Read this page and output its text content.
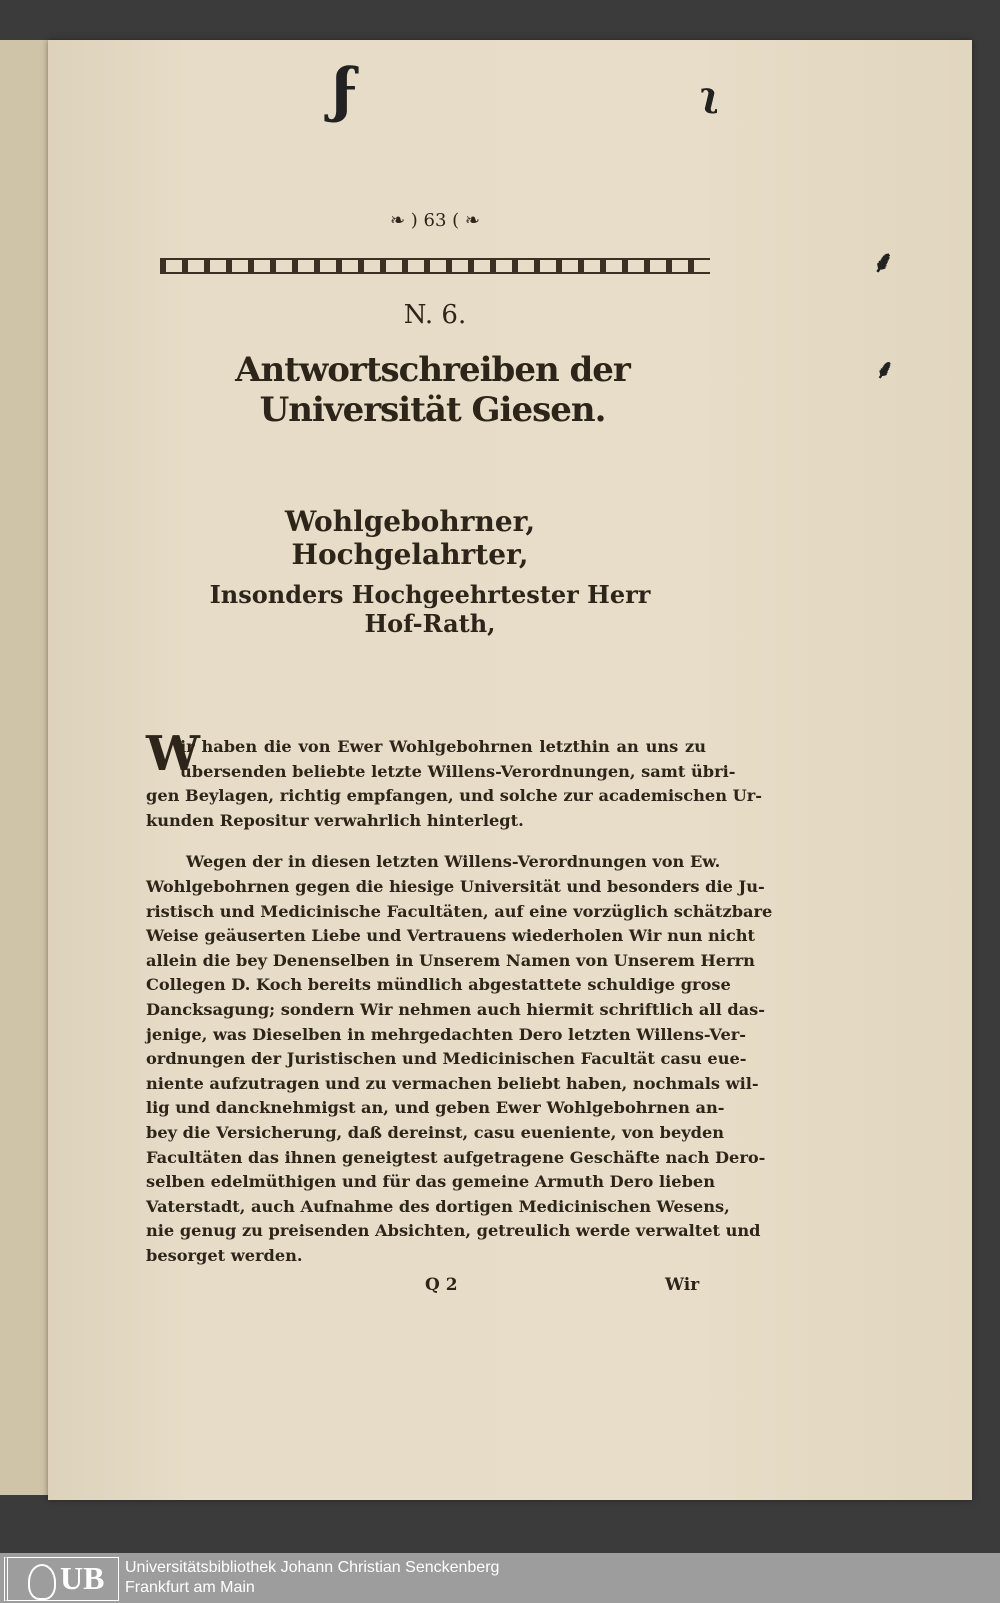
ϝ	ʅ
⸙
⸙
❧ ) 63 ( ❧
N. 6.
Antwortschreiben der Universität Giesen.
Wohlgebohrner, Hochgelahrter,
Insonders Hochgeehrtester Herr Hof-Rath,
W
ir haben die von Ewer Wohlgebohrnen letzthin an uns zu
übersenden beliebte letzte Willens-Verordnungen, samt übri-
gen Beylagen, richtig empfangen, und solche zur academischen Ur-
kunden Repositur verwahrlich hinterlegt.
Wegen der in diesen letzten Willens-Verordnungen von Ew.
Wohlgebohrnen gegen die hiesige Universität und besonders die Ju-
ristisch und Medicinische Facultäten, auf eine vorzüglich schätzbare
Weise geäuserten Liebe und Vertrauens wiederholen Wir nun nicht
allein die bey Denenselben in Unserem Namen von Unserem Herrn
Collegen D. Koch bereits mündlich abgestattete schuldige grose
Dancksagung; sondern Wir nehmen auch hiermit schriftlich all das-
jenige, was Dieselben in mehrgedachten Dero letzten Willens-Ver-
ordnungen der Juristischen und Medicinischen Facultät casu eue-
niente aufzutragen und zu vermachen beliebt haben, nochmals wil-
lig und dancknehmigst an, und geben Ewer Wohlgebohrnen an-
bey die Versicherung, daß dereinst, casu eueniente, von beyden
Facultäten das ihnen geneigtest aufgetragene Geschäfte nach Dero-
selben edelmüthigen und für das gemeine Armuth Dero lieben
Vaterstadt, auch Aufnahme des dortigen Medicinischen Wesens,
nie genug zu preisenden Absichten, getreulich werde verwaltet und
besorget werden.
Q 2	Wir
UB Universitätsbibliothek Johann Christian Senckenberg
Frankfurt am Main
